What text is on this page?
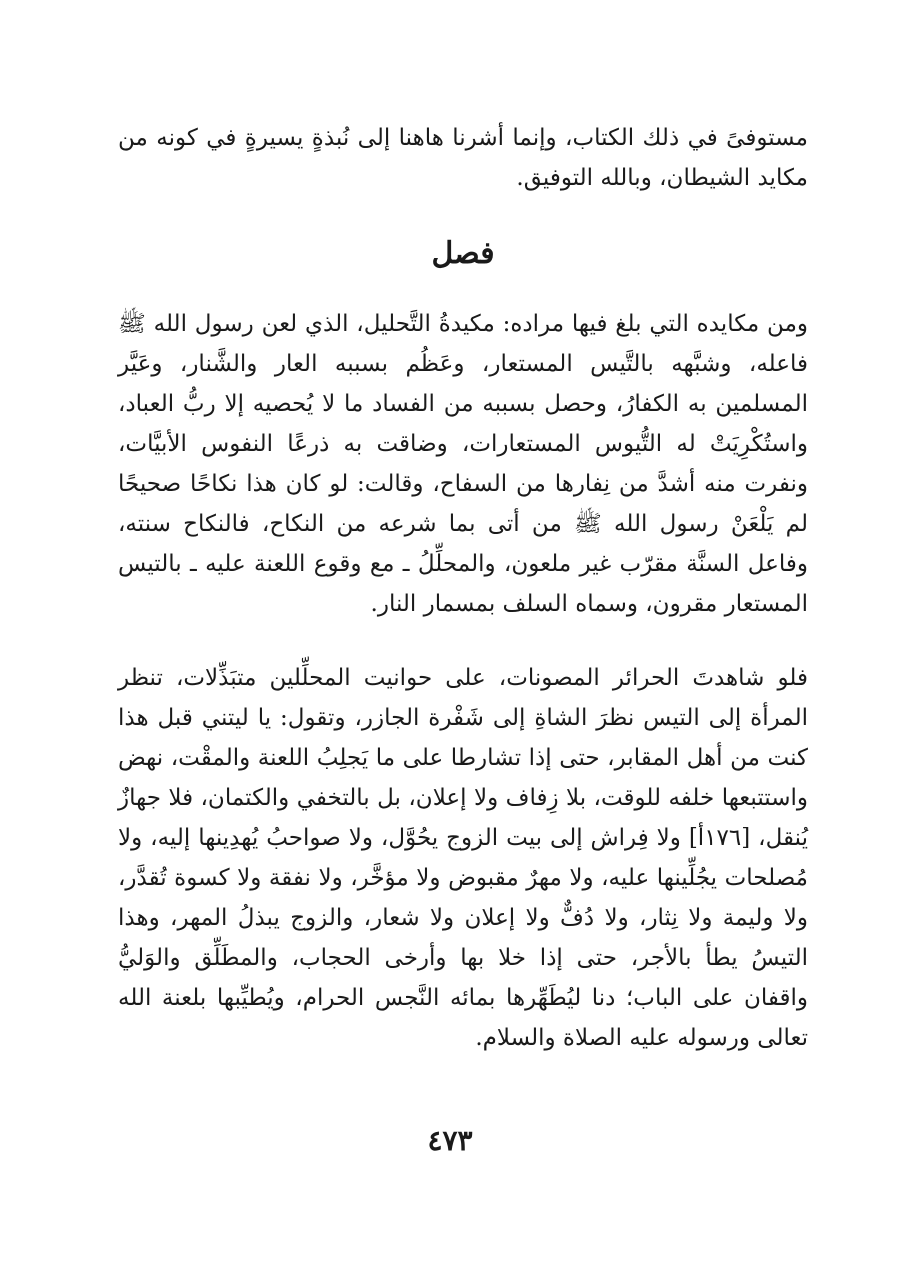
مستوفىً في ذلك الكتاب، وإنما أشرنا هاهنا إلى نُبذةٍ يسيرةٍ في كونه من مكايد الشيطان، وبالله التوفيق.

فصل

ومن مكايده التي بلغ فيها مراده: مكيدةُ التَّحليل، الذي لعن رسول الله ﷺ فاعله، وشبَّهه بالتَّيس المستعار، وعَظُم بسببه العار والشَّنار، وعَيَّر المسلمين به الكفارُ، وحصل بسببه من الفساد ما لا يُحصيه إلا ربُّ العباد، واستُكْرِيَتْ له التُّيوس المستعارات، وضاقت به ذرعًا النفوس الأبيَّات، ونفرت منه أشدَّ من نِفارها من السفاح، وقالت: لو كان هذا نكاحًا صحيحًا لم يَلْعَنْ رسول الله ﷺ من أتى بما شرعه من النكاح، فالنكاح سنته، وفاعل السنَّة مقرّب غير ملعون، والمحلِّلُ ـ مع وقوع اللعنة عليه ـ بالتيس المستعار مقرون، وسماه السلف بمسمار النار.

فلو شاهدتَ الحرائر المصونات، على حوانيت المحلِّلين متبَذِّلات، تنظر المرأة إلى التيس نظرَ الشاةِ إلى شَفْرة الجازر، وتقول: يا ليتني قبل هذا كنت من أهل المقابر، حتى إذا تشارطا على ما يَجلِبُ اللعنة والمقْت، نهض واستتبعها خلفه للوقت، بلا زِفاف ولا إعلان، بل بالتخفي والكتمان، فلا جهازٌ يُنقل، [١٧٦أ] ولا فِراش إلى بيت الزوج يحُوَّل، ولا صواحبُ يُهدِينها إليه، ولا مُصلحات يجُلِّينها عليه، ولا مهرٌ مقبوض ولا مؤخَّر، ولا نفقة ولا كسوة تُقدَّر، ولا وليمة ولا نِثار، ولا دُفٌّ ولا إعلان ولا شعار، والزوج يبذلُ المهر، وهذا التيسُ يطأ بالأجر، حتى إذا خلا بها وأرخى الحجاب، والمطَلِّق والوَليُّ واقفان على الباب؛ دنا ليُطَهِّرها بمائه النَّجس الحرام، ويُطيِّبها بلعنة الله تعالى ورسوله عليه الصلاة والسلام.

٤٧٣
